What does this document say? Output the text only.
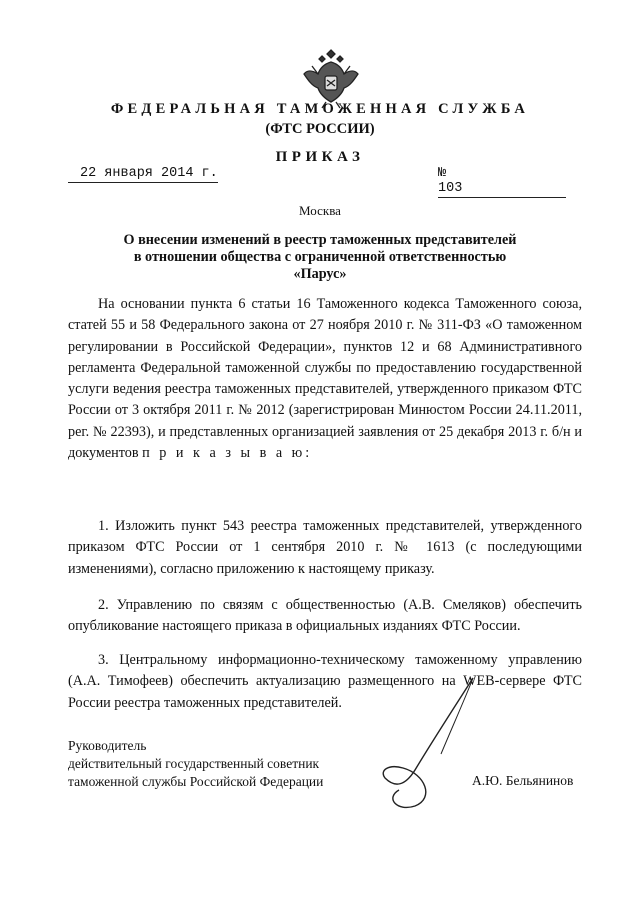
ФЕДЕРАЛЬНАЯ ТАМОЖЕННАЯ СЛУЖБА
(ФТС РОССИИ)
ПРИКАЗ
22 января 2014 г.	№ 103
Москва
О внесении изменений в реестр таможенных представителей
в отношении общества с ограниченной ответственностью
«Парус»
На основании пункта 6 статьи 16 Таможенного кодекса Таможенного союза, статей 55 и 58 Федерального закона от 27 ноября 2010 г. № 311-ФЗ «О таможенном регулировании в Российской Федерации», пунктов 12 и 68 Административного регламента Федеральной таможенной службы по предоставлению государственной услуги ведения реестра таможенных представителей, утвержденного приказом ФТС России от 3 октября 2011 г. № 2012 (зарегистрирован Минюстом России 24.11.2011, рег. № 22393), и представленных организацией заявления от 25 декабря 2013 г. б/н и документов п р и к а з ы в а ю:
1. Изложить пункт 543 реестра таможенных представителей, утвержденного приказом ФТС России от 1 сентября 2010 г. № 1613 (с последующими изменениями), согласно приложению к настоящему приказу.
2. Управлению по связям с общественностью (А.В. Смеляков) обеспечить опубликование настоящего приказа в официальных изданиях ФТС России.
3. Центральному информационно-техническому таможенному управлению (А.А. Тимофеев) обеспечить актуализацию размещенного на WEB-сервере ФТС России реестра таможенных представителей.
Руководитель
действительный государственный советник
таможенной службы Российской Федерации	А.Ю. Бельянинов
